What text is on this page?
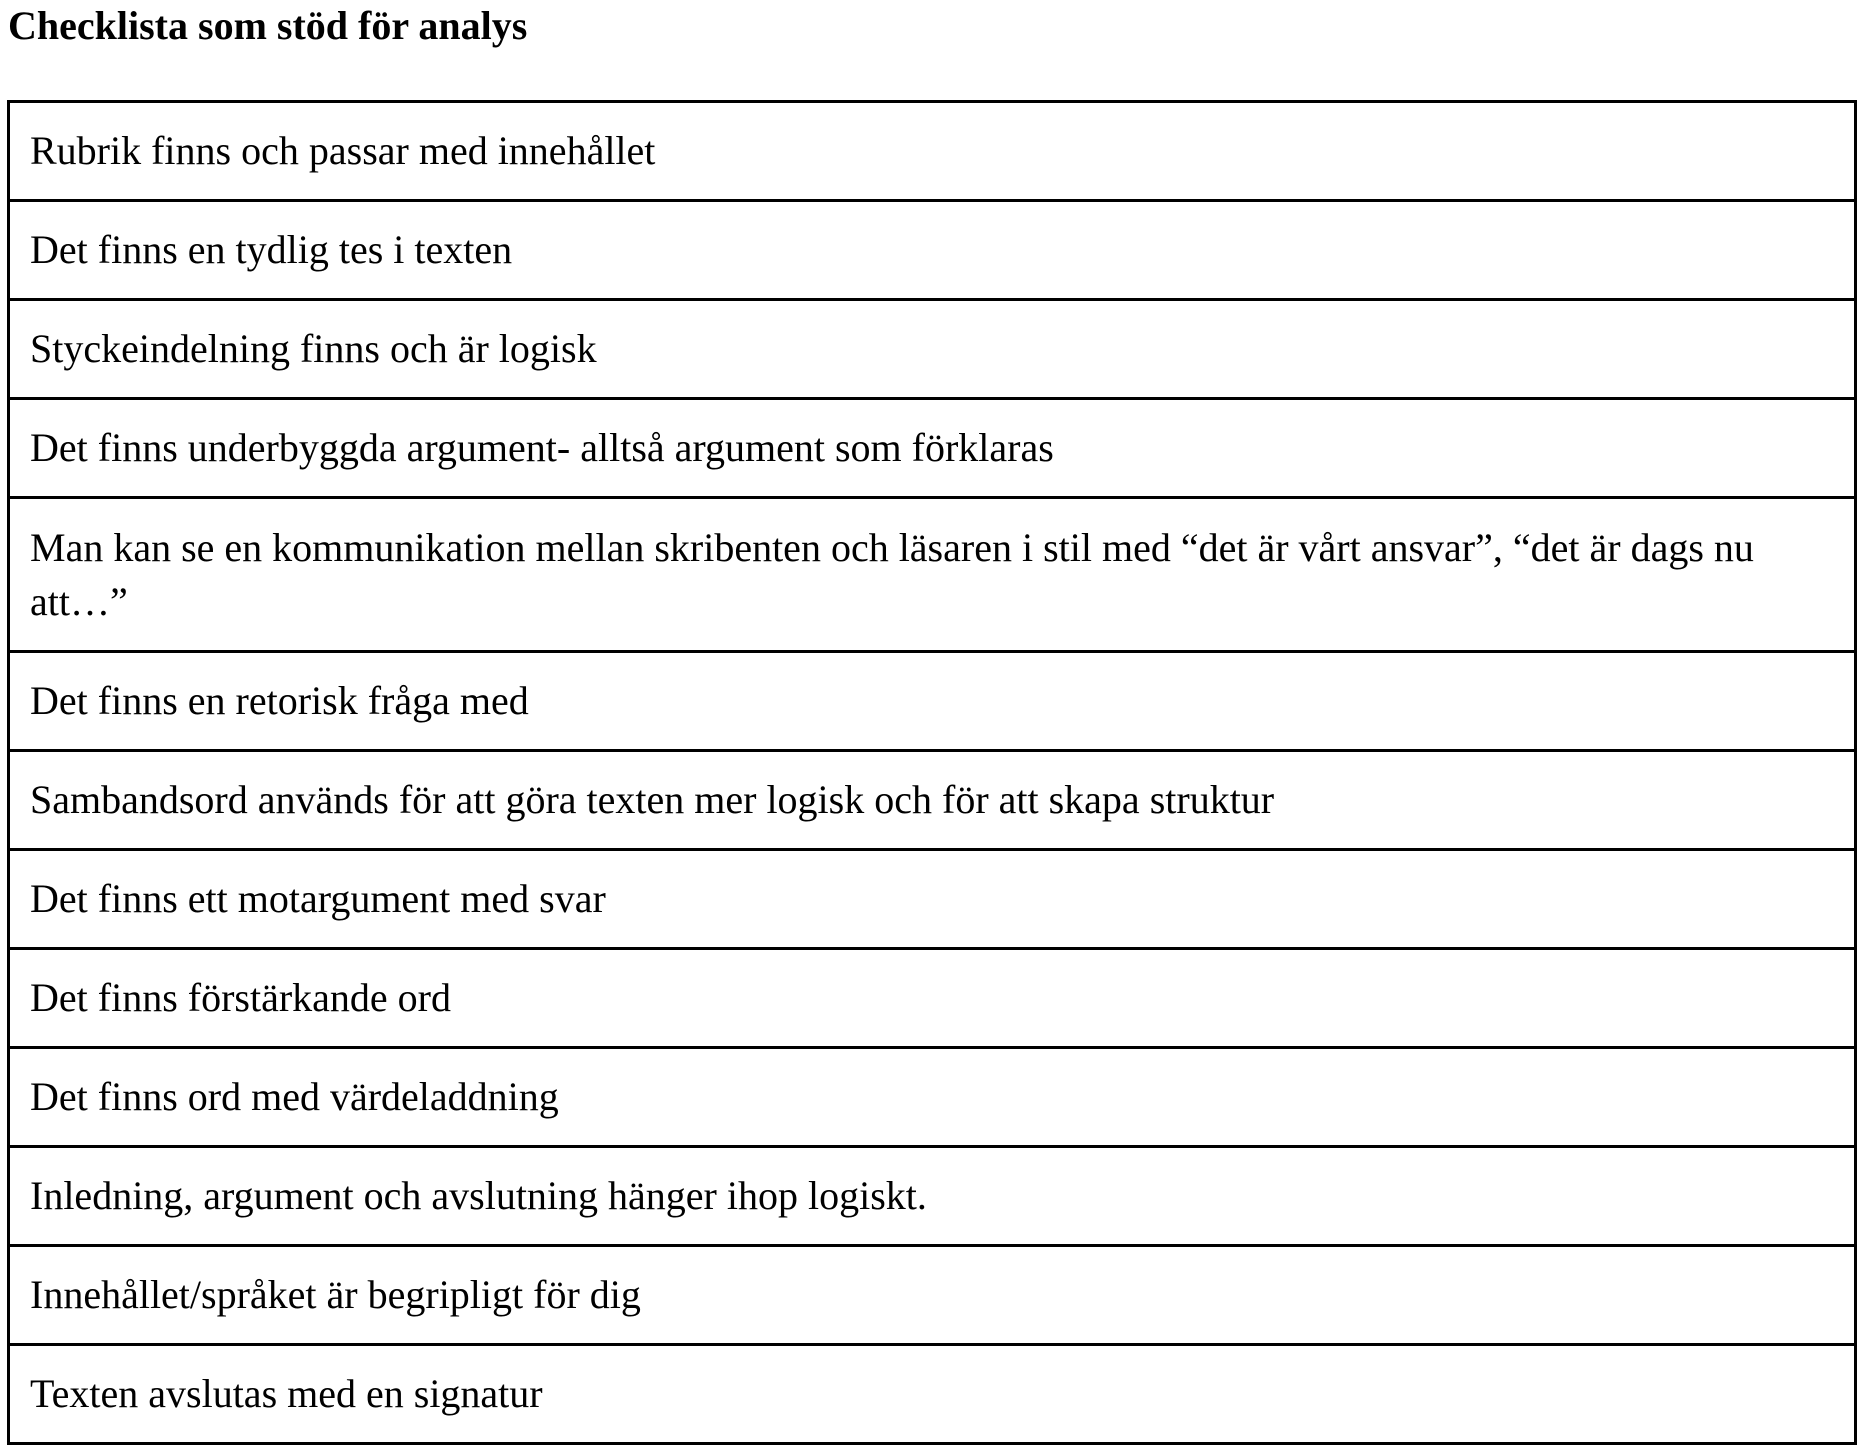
Checklista som stöd för analys
Rubrik finns och passar med innehållet
Det finns en tydlig tes i texten
Styckeindelning finns och är logisk
Det finns underbyggda argument- alltså argument som förklaras
Man kan se en kommunikation mellan skribenten och läsaren i stil med “det är vårt ansvar”, “det är dags nu att…”
Det finns en retorisk fråga med
Sambandsord används för att göra texten mer logisk och för att skapa struktur
Det finns ett motargument med svar
Det finns förstärkande ord
Det finns ord med värdeladdning
Inledning, argument och avslutning hänger ihop logiskt.
Innehållet/språket är begripligt för dig
Texten avslutas med en signatur
